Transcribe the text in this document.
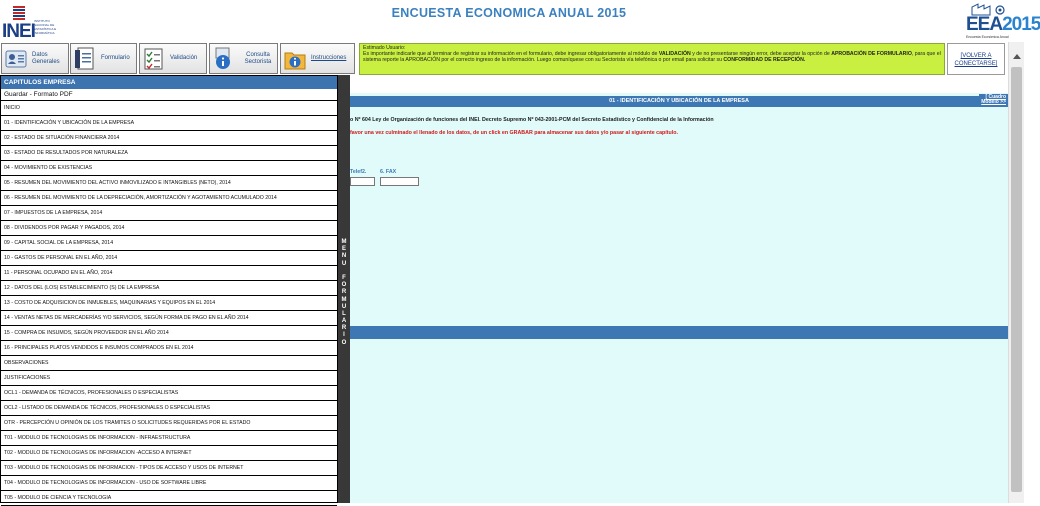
INEI INSTITUTO NACIONAL DE ESTADÍSTICA E INFORMÁTICA
ENCUESTA ECONOMICA ANUAL 2015
EEA2015
Encuesta Económica Anual
Datos Generales
Formulario	Validación
Consulta Sectorista
Instrucciones
Estimado Usuario:
Es importante indicarle que al terminar de registrar su información en el formulario, debe ingresar obligatoriamente al módulo de VALIDACIÓN y de no presentarse ningún error, debe aceptar la opción de APROBACIÓN DE FORMULARIO, para que el sistema reporte la APROBACIÓN por el correcto ingreso de la información. Luego comuníquese con su Sectorista vía telefónica o por email para solicitar su CONFORMIDAD DE RECEPCIÓN.
[VOLVER A CONECTARSE]
CAPITULOS EMPRESA
Guardar - Formato PDF
INICIO
01 - IDENTIFICACIÓN Y UBICACIÓN DE LA EMPRESA
02 - ESTADO DE SITUACIÓN FINANCIERA 2014
03 - ESTADO DE RESULTADOS POR NATURALEZA
04 - MOVIMIENTO DE EXISTENCIAS
05 - RESUMEN DEL MOVIMIENTO DEL ACTIVO INMOVILIZADO E INTANGIBLES (NETO), 2014
06 - RESUMEN DEL MOVIMIENTO DE LA DEPRECIACIÓN, AMORTIZACIÓN Y AGOTAMIENTO ACUMULADO 2014
07 - IMPUESTOS DE LA EMPRESA, 2014
08 - DIVIDENDOS POR PAGAR Y PAGADOS, 2014
09 - CAPITAL SOCIAL DE LA EMPRESA, 2014
10 - GASTOS DE PERSONAL EN EL AÑO, 2014
11 - PERSONAL OCUPADO EN EL AÑO, 2014
12 - DATOS DEL (LOS) ESTABLECIMIENTO (S) DE LA EMPRESA
13 - COSTO DE ADQUISICION DE INMUEBLES, MAQUINARIAS Y EQUIPOS EN EL 2014
14 - VENTAS NETAS DE MERCADERÍAS Y/O SERVICIOS, SEGÚN FORMA DE PAGO EN EL AÑO 2014
15 - COMPRA DE INSUMOS, SEGÚN PROVEEDOR EN EL AÑO 2014
16 - PRINCIPALES PLATOS VENDIDOS E INSUMOS COMPRADOS EN EL 2014
OBSERVACIONES
JUSTIFICACIONES
OCL1 - DEMANDA DE TÉCNICOS, PROFESIONALES O ESPECIALISTAS
OCL2 - LISTADO DE DEMANDA DE TÉCNICOS, PROFESIONALES O ESPECIALISTAS
OTR - PERCEPCIÓN U OPINIÓN DE LOS TRAMITES O SOLICITUDES REQUERIDAS POR EL ESTADO
T01 - MODULO DE TECNOLOGIAS DE INFORMACION - INFRAESTRUCTURA
T02 - MODULO DE TECNOLOGIAS DE INFORMACION -ACCESO A INTERNET
T03 - MODULO DE TECNOLOGIAS DE INFORMACION - TIPOS DE ACCESO Y USOS DE INTERNET
T04 - MODULO DE TECNOLOGIAS DE INFORMACION - USO DE SOFTWARE LIBRE
T05 - MODULO DE CIENCIA Y TECNOLOGIA
M
E
N
U
F
O
R
M
U
L
A
R
I
O
01 - IDENTIFICACIÓN Y UBICACIÓN DE LA EMPRESA
[ Cuadro
Modelo >>
o Nº 604 Ley de Organización de funciones del INEI. Decreto Supremo Nº 043-2001-PCM del Secreto Estadístico y Confidencial de la Información
favor una vez culminado el llenado de los datos, de un click en GRABAR para almacenar sus datos y/o pasar al siguiente capítulo.
Telef2.	6. FAX
